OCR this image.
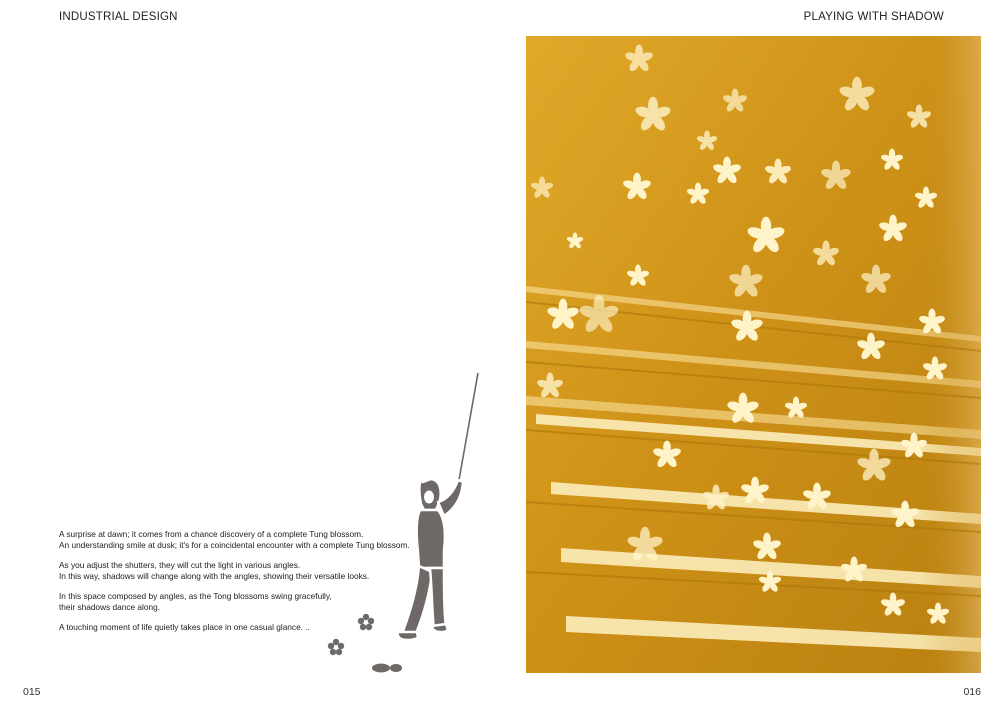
INDUSTRIAL DESIGN	PLAYING WITH SHADOW

A surprise at dawn; it comes from a chance discovery of a complete Tung blossom.
An understanding smile at dusk; it's for a coincidental encounter with a complete Tung blossom.

As you adjust the shutters, they will cut the light in various angles.
In this way, shadows will change along with the angles, showing their versatile looks.

In this space composed by angles, as the Tong blossoms swing gracefully,
their shadows dance along.

A touching moment of life quietly takes place in one casual glance. ..

015	016
